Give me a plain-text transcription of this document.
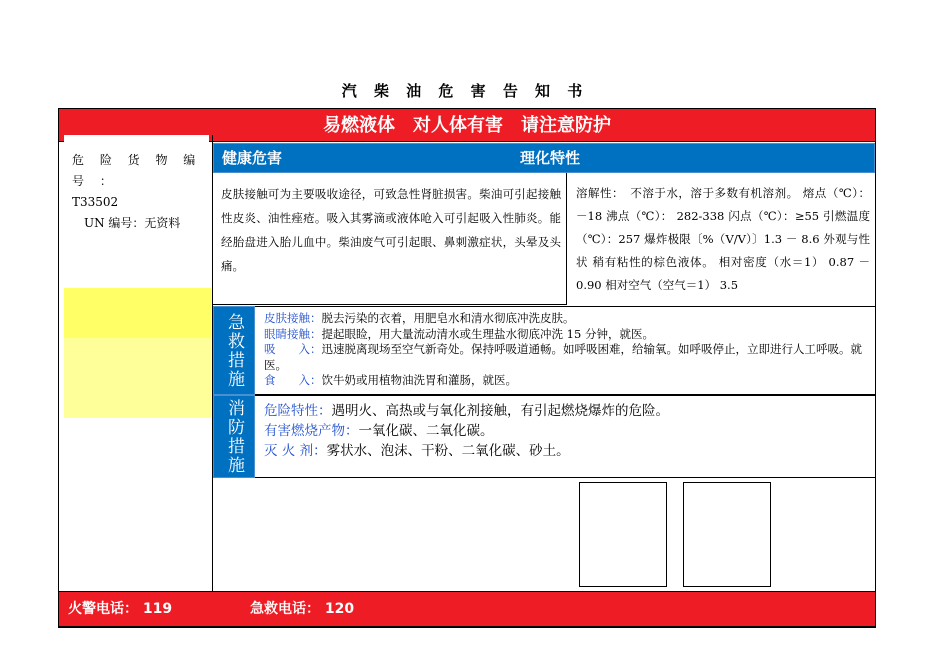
汽 柴 油 危 害 告 知 书
易燃液体　对人体有害　请注意防护
危 险 货 物 编 号 ：
T33502
UN 编号：无资料
健康危害	理化特性
皮肤接触可为主要吸收途径，可致急性肾脏损害。柴油可引起接触性皮炎、油性痤疮。吸入其雾滴或液体呛入可引起吸入性肺炎。能经胎盘进入胎儿血中。柴油废气可引起眼、鼻刺激症状，头晕及头痛。
溶解性：　不溶于水，溶于多数有机溶剂。 熔点（℃）： －18 沸点（℃）： 282-338 闪点（℃）：≥55 引燃温度（℃）：257 爆炸极限〔%（V/V）〕1.3 － 8.6 外观与性状 稍有粘性的棕色液体。 相对密度（水＝1） 0.87 － 0.90 相对空气（空气＝1） 3.5
急救措施 皮肤接触：脱去污染的衣着，用肥皂水和清水彻底冲洗皮肤。
眼睛接触：提起眼睑，用大量流动清水或生理盐水彻底冲洗 15 分钟，就医。
吸　　入：迅速脱离现场至空气新奇处。保持呼吸道通畅。如呼吸困难，给输氧。如呼吸停止，立即进行人工呼吸。就医。
食　　入：饮牛奶或用植物油洗胃和灌肠，就医。
消防措施 危险特性：遇明火、高热或与氧化剂接触，有引起燃烧爆炸的危险。
有害燃烧产物：一氧化碳、二氧化碳。
灭 火 剂：雾状水、泡沫、干粉、二氧化碳、砂土。
火警电话： 119	急救电话： 120
